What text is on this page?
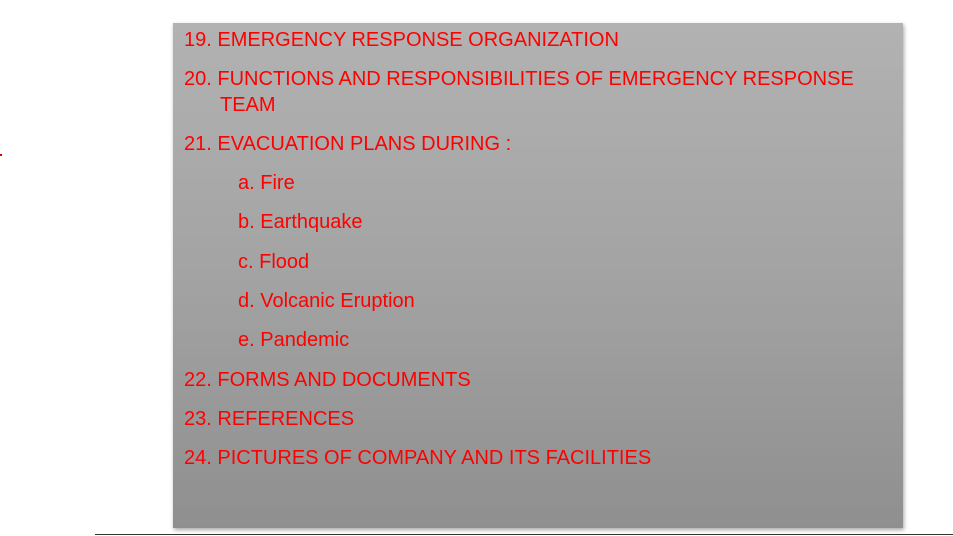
19. EMERGENCY RESPONSE ORGANIZATION
20. FUNCTIONS AND RESPONSIBILITIES OF EMERGENCY RESPONSE
TEAM
21. EVACUATION PLANS DURING :
a. Fire
b. Earthquake
c. Flood
d. Volcanic Eruption
e. Pandemic
22. FORMS AND DOCUMENTS
23. REFERENCES
24. PICTURES OF COMPANY AND ITS FACILITIES
